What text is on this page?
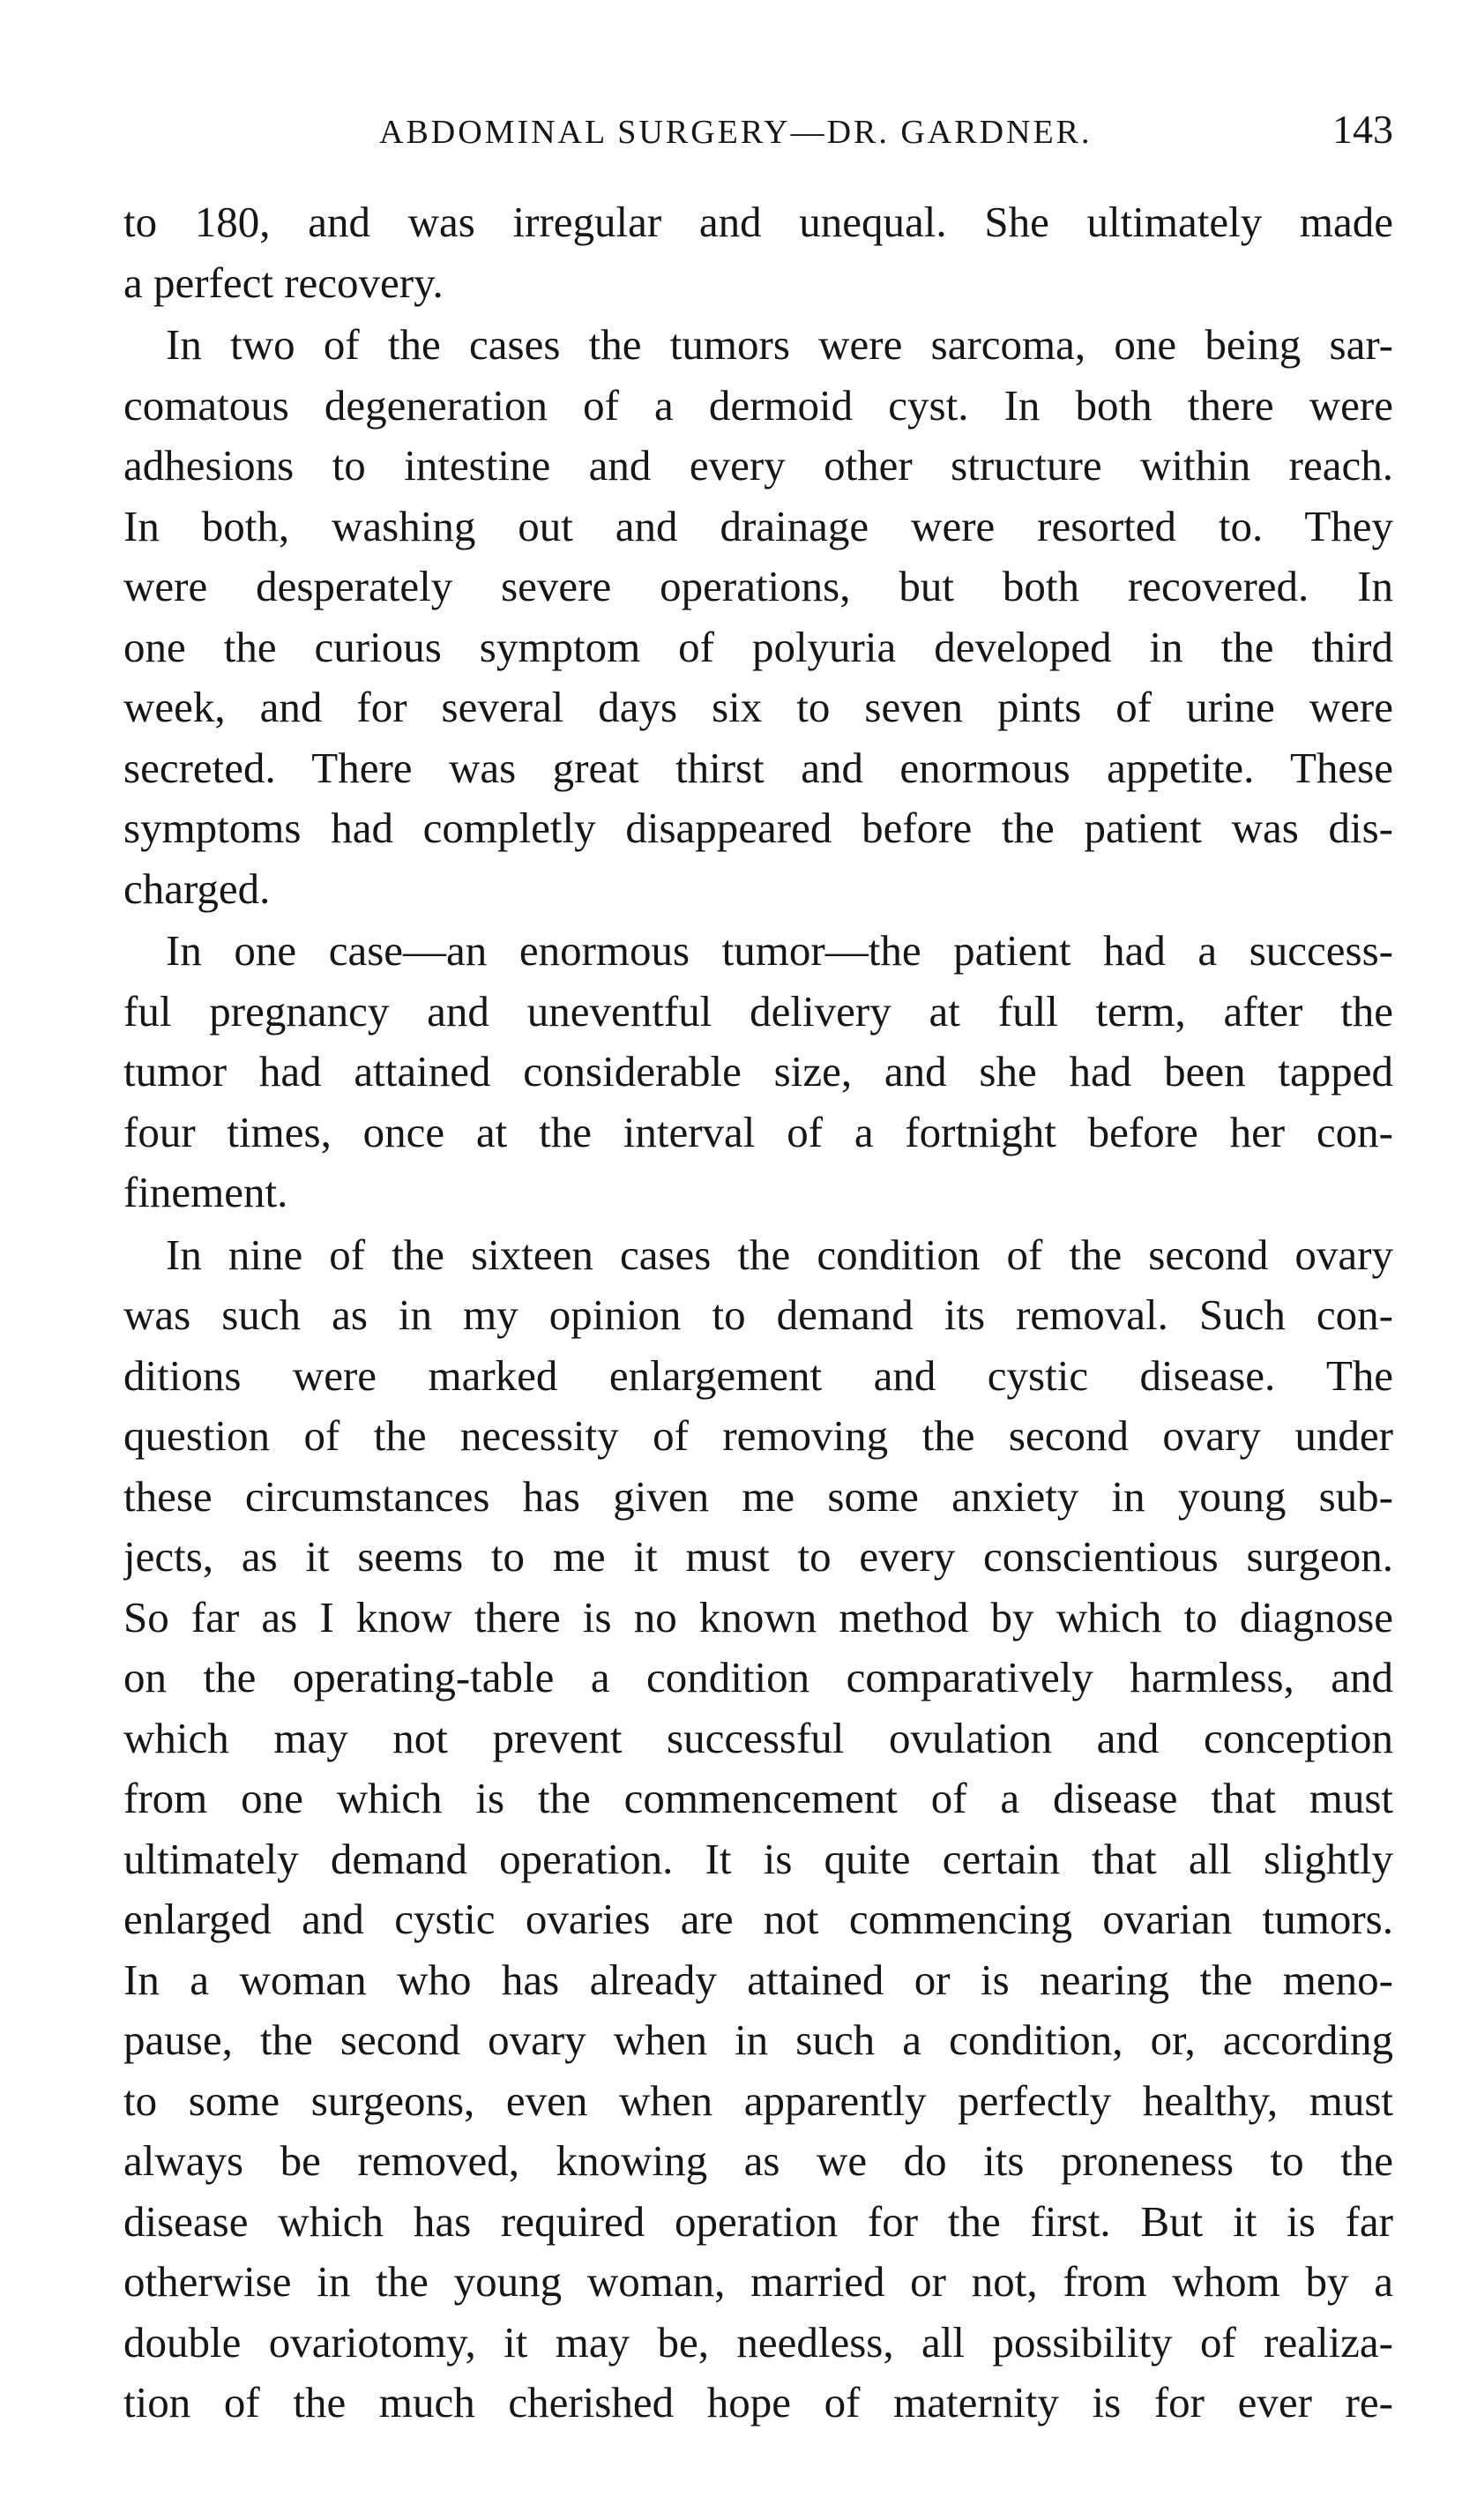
ABDOMINAL SURGERY—DR. GARDNER.	143
to 180, and was irregular and unequal. She ultimately made
a perfect recovery.
In two of the cases the tumors were sarcoma, one being sar-
comatous degeneration of a dermoid cyst. In both there were
adhesions to intestine and every other structure within reach.
In both, washing out and drainage were resorted to. They
were desperately severe operations, but both recovered. In
one the curious symptom of polyuria developed in the third
week, and for several days six to seven pints of urine were
secreted. There was great thirst and enormous appetite. These
symptoms had completly disappeared before the patient was dis-
charged.
In one case—an enormous tumor—the patient had a success-
ful pregnancy and uneventful delivery at full term, after the
tumor had attained considerable size, and she had been tapped
four times, once at the interval of a fortnight before her con-
finement.
In nine of the sixteen cases the condition of the second ovary
was such as in my opinion to demand its removal. Such con-
ditions were marked enlargement and cystic disease. The
question of the necessity of removing the second ovary under
these circumstances has given me some anxiety in young sub-
jects, as it seems to me it must to every conscientious surgeon.
So far as I know there is no known method by which to diagnose
on the operating-table a condition comparatively harmless, and
which may not prevent successful ovulation and conception
from one which is the commencement of a disease that must
ultimately demand operation. It is quite certain that all slightly
enlarged and cystic ovaries are not commencing ovarian tumors.
In a woman who has already attained or is nearing the meno-
pause, the second ovary when in such a condition, or, according
to some surgeons, even when apparently perfectly healthy, must
always be removed, knowing as we do its proneness to the
disease which has required operation for the first. But it is far
otherwise in the young woman, married or not, from whom by a
double ovariotomy, it may be, needless, all possibility of realiza-
tion of the much cherished hope of maternity is for ever re-
